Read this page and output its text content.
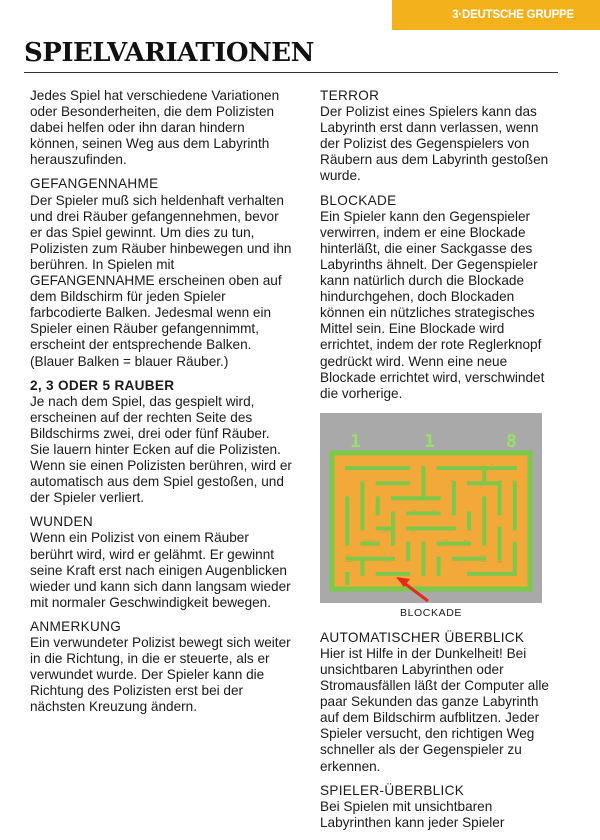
3·DEUTSCHE GRUPPE
SPIELVARIATIONEN

Jedes Spiel hat verschiedene Variationen oder Besonderheiten, die dem Polizisten dabei helfen oder ihn daran hindern können, seinen Weg aus dem Labyrinth herauszufinden.

GEFANGENNAHME

Der Spieler muß sich heldenhaft verhalten und drei Räuber gefangennehmen, bevor er das Spiel gewinnt. Um dies zu tun, Polizisten zum Räuber hinbewegen und ihn berühren. In Spielen mit GEFANGENNAHME erscheinen oben auf dem Bildschirm für jeden Spieler farbcodierte Balken. Jedesmal wenn ein Spieler einen Räuber gefangennimmt, erscheint der entsprechende Balken. (Blauer Balken = blauer Räuber.)

2, 3 ODER 5 RAUBER

Je nach dem Spiel, das gespielt wird, erscheinen auf der rechten Seite des Bildschirms zwei, drei oder fünf Räuber. Sie lauern hinter Ecken auf die Polizisten. Wenn sie einen Polizisten berühren, wird er automatisch aus dem Spiel gestoßen, und der Spieler verliert.

WUNDEN

Wenn ein Polizist von einem Räuber berührt wird, wird er gelähmt. Er gewinnt seine Kraft erst nach einigen Augenblicken wieder und kann sich dann langsam wieder mit normaler Geschwindigkeit bewegen.

ANMERKUNG

Ein verwundeter Polizist bewegt sich weiter in die Richtung, in die er steuerte, als er verwundet wurde. Der Spieler kann die Richtung des Polizisten erst bei der nächsten Kreuzung ändern.

TERROR

Der Polizist eines Spielers kann das Labyrinth erst dann verlassen, wenn der Polizist des Gegenspielers von Räubern aus dem Labyrinth gestoßen wurde.

BLOCKADE

Ein Spieler kann den Gegenspieler verwirren, indem er eine Blockade hinterläßt, die einer Sackgasse des Labyrinths ähnelt. Der Gegenspieler kann natürlich durch die Blockade hindurchgehen, doch Blockaden können ein nützliches strategisches Mittel sein. Eine Blockade wird errichtet, indem der rote Reglerknopf gedrückt wird. Wenn eine neue Blockade errichtet wird, verschwindet die vorherige.

1	1	8
BLOCKADE
AUTOMATISCHER ÜBERBLICK

Hier ist Hilfe in der Dunkelheit! Bei unsichtbaren Labyrinthen oder Stromausfällen läßt der Computer alle paar Sekunden das ganze Labyrinth auf dem Bildschirm aufblitzen. Jeder Spieler versucht, den richtigen Weg schneller als der Gegenspieler zu erkennen.

SPIELER-ÜBERBLICK

Bei Spielen mit unsichtbaren Labyrinthen kann jeder Spieler
